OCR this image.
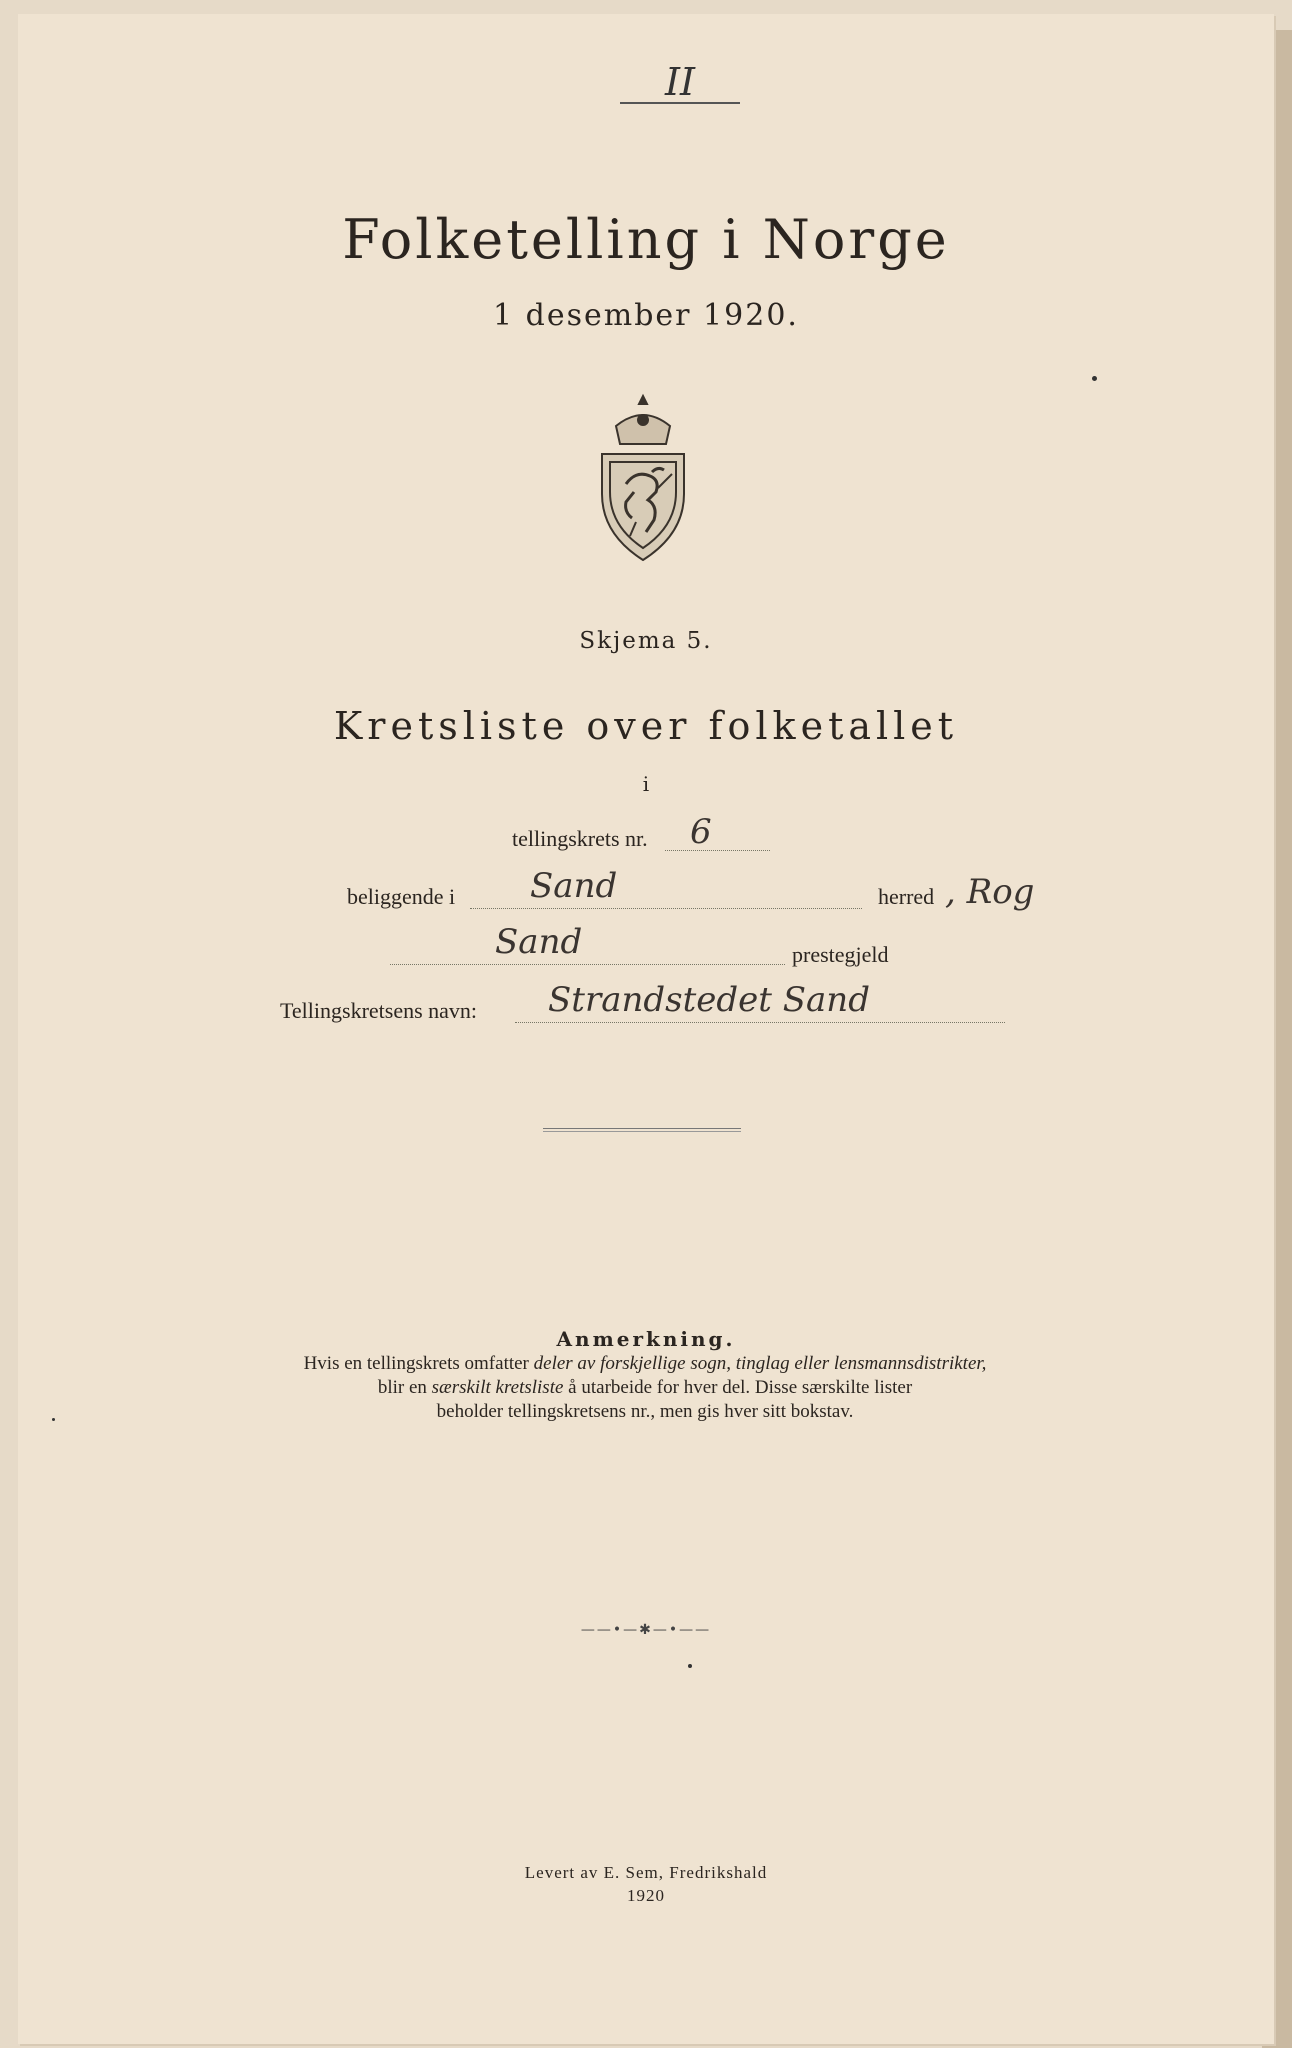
II
Folketelling i Norge
1 desember 1920.
Skjema 5.
Kretsliste over folketallet
i
tellingskrets nr. 6
beliggende i Sand	herred , Rog
Sand	prestegjeld
Tellingskretsens navn: Strandstedet Sand
Anmerkning.
Hvis en tellingskrets omfatter deler av forskjellige sogn, tinglag eller lensmannsdistrikter,
blir en særskilt kretsliste å utarbeide for hver del. Disse særskilte lister
beholder tellingskretsens nr., men gis hver sitt bokstav.
——•—✱—•——
Levert av E. Sem, Fredrikshald
1920
